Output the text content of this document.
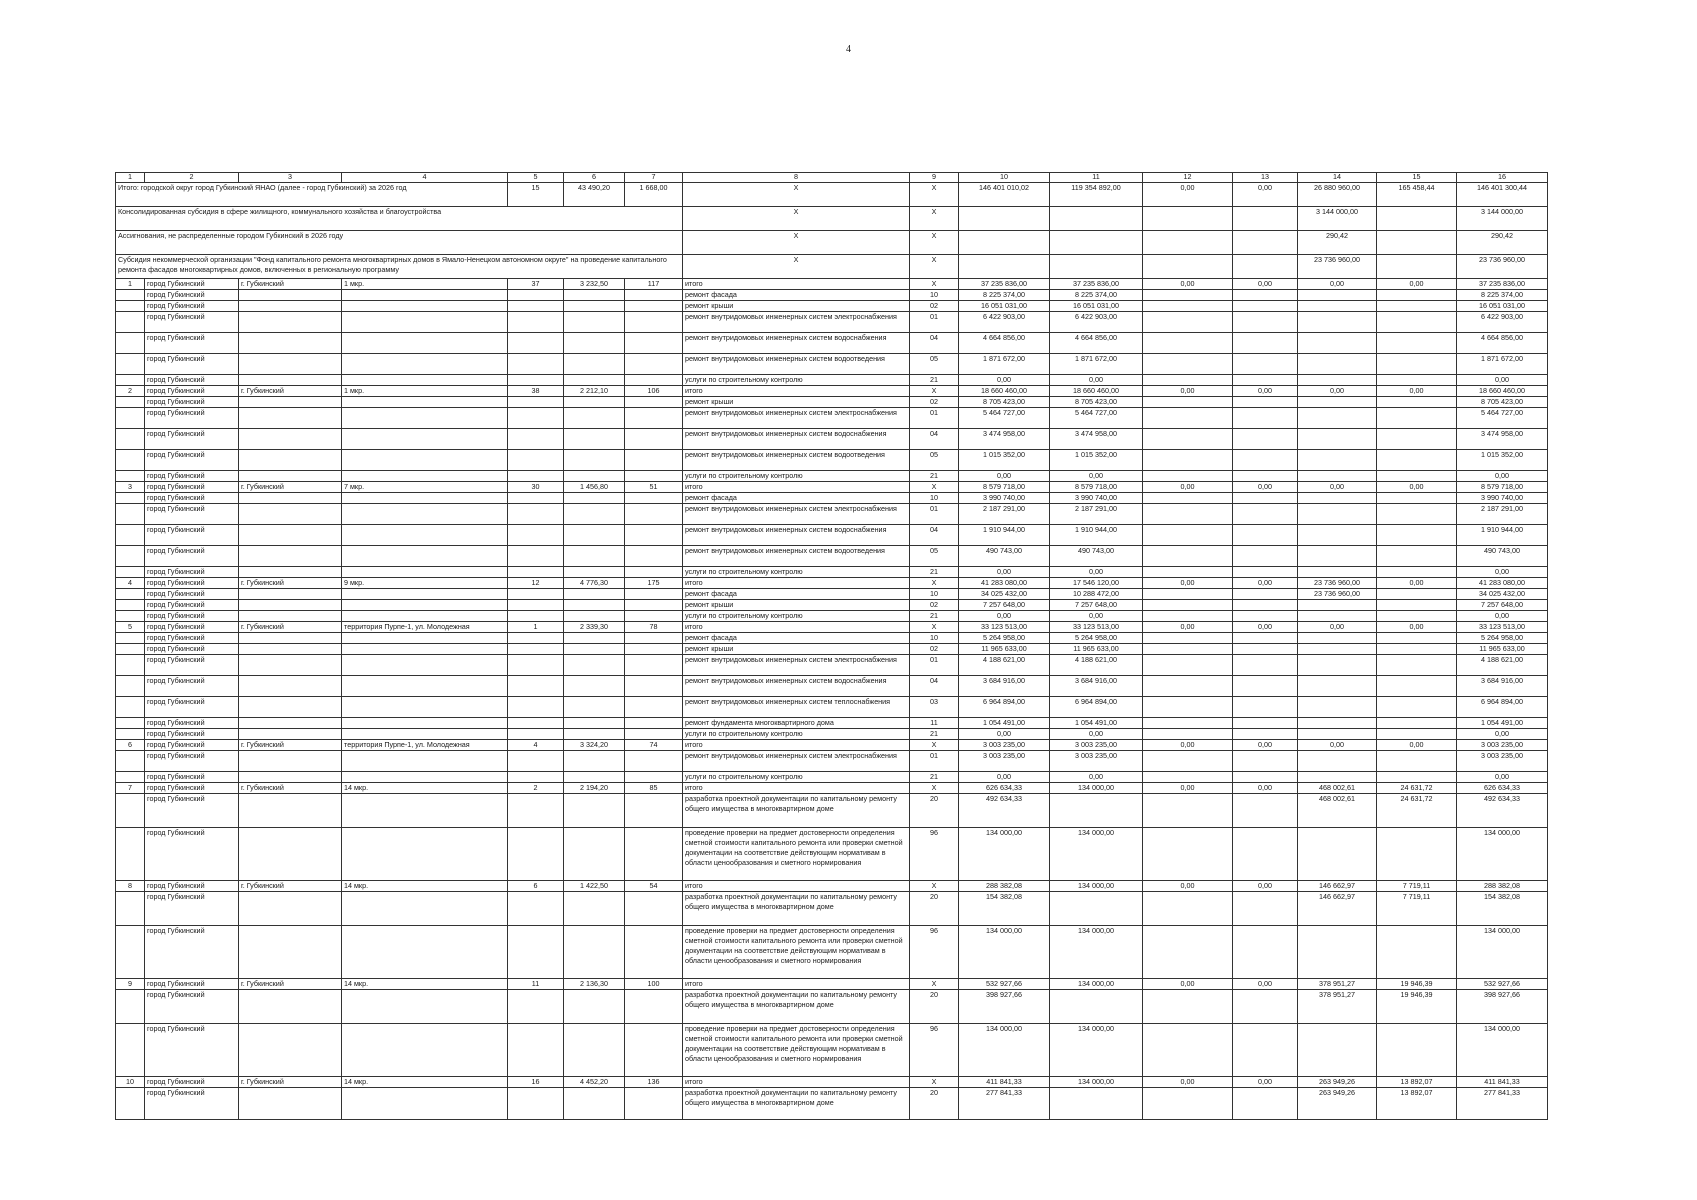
4
1	2	3	4	5	6	7	8	9	10	11	12	13	14	15	16
Итого: городской округ город Губкинский ЯНАО (далее - город Губкинский) за 2026 год				15	43 490,20	1 668,00	X	X	146 401 010,02	119 354 892,00	0,00	0,00	26 880 960,00	165 458,44	146 401 300,44
Консолидированная субсидия в сфере жилищного, коммунального хозяйства и благоустройства							X	X					3 144 000,00		3 144 000,00
Ассигнования, не распределенные городом Губкинский в 2026 году							X	X					290,42		290,42
Субсидия некоммерческой организации "Фонд капитального ремонта многоквартирных домов в Ямало-Ненецком автономном округе" на проведение капитального ремонта фасадов многоквартирных домов, включенных в региональную программу							X	X					23 736 960,00		23 736 960,00
1	город Губкинский	г. Губкинский	1 мкр.	37	3 232,50	117	итого	X	37 235 836,00	37 235 836,00	0,00	0,00	0,00	0,00	37 235 836,00
	город Губкинский						ремонт фасада	10	8 225 374,00	8 225 374,00					8 225 374,00
	город Губкинский						ремонт крыши	02	16 051 031,00	16 051 031,00					16 051 031,00
	город Губкинский						ремонт внутридомовых инженерных систем электроснабжения	01	6 422 903,00	6 422 903,00					6 422 903,00
	город Губкинский						ремонт внутридомовых инженерных систем водоснабжения	04	4 664 856,00	4 664 856,00					4 664 856,00
	город Губкинский						ремонт внутридомовых инженерных систем водоотведения	05	1 871 672,00	1 871 672,00					1 871 672,00
	город Губкинский						услуги по строительному контролю	21	0,00	0,00					0,00
2	город Губкинский	г. Губкинский	1 мкр.	38	2 212,10	106	итого	X	18 660 460,00	18 660 460,00	0,00	0,00	0,00	0,00	18 660 460,00
	город Губкинский						ремонт крыши	02	8 705 423,00	8 705 423,00					8 705 423,00
	город Губкинский						ремонт внутридомовых инженерных систем электроснабжения	01	5 464 727,00	5 464 727,00					5 464 727,00
	город Губкинский						ремонт внутридомовых инженерных систем водоснабжения	04	3 474 958,00	3 474 958,00					3 474 958,00
	город Губкинский						ремонт внутридомовых инженерных систем водоотведения	05	1 015 352,00	1 015 352,00					1 015 352,00
	город Губкинский						услуги по строительному контролю	21	0,00	0,00					0,00
3	город Губкинский	г. Губкинский	7 мкр.	30	1 456,80	51	итого	X	8 579 718,00	8 579 718,00	0,00	0,00	0,00	0,00	8 579 718,00
	город Губкинский						ремонт фасада	10	3 990 740,00	3 990 740,00					3 990 740,00
	город Губкинский						ремонт внутридомовых инженерных систем электроснабжения	01	2 187 291,00	2 187 291,00					2 187 291,00
	город Губкинский						ремонт внутридомовых инженерных систем водоснабжения	04	1 910 944,00	1 910 944,00					1 910 944,00
	город Губкинский						ремонт внутридомовых инженерных систем водоотведения	05	490 743,00	490 743,00					490 743,00
	город Губкинский						услуги по строительному контролю	21	0,00	0,00					0,00
4	город Губкинский	г. Губкинский	9 мкр.	12	4 776,30	175	итого	X	41 283 080,00	17 546 120,00	0,00	0,00	23 736 960,00	0,00	41 283 080,00
	город Губкинский						ремонт фасада	10	34 025 432,00	10 288 472,00			23 736 960,00		34 025 432,00
	город Губкинский						ремонт крыши	02	7 257 648,00	7 257 648,00					7 257 648,00
	город Губкинский						услуги по строительному контролю	21	0,00	0,00					0,00
5	город Губкинский	г. Губкинский	территория Пурпе-1, ул. Молодежная	1	2 339,30	78	итого	X	33 123 513,00	33 123 513,00	0,00	0,00	0,00	0,00	33 123 513,00
	город Губкинский						ремонт фасада	10	5 264 958,00	5 264 958,00					5 264 958,00
	город Губкинский						ремонт крыши	02	11 965 633,00	11 965 633,00					11 965 633,00
	город Губкинский						ремонт внутридомовых инженерных систем электроснабжения	01	4 188 621,00	4 188 621,00					4 188 621,00
	город Губкинский						ремонт внутридомовых инженерных систем водоснабжения	04	3 684 916,00	3 684 916,00					3 684 916,00
	город Губкинский						ремонт внутридомовых инженерных систем теплоснабжения	03	6 964 894,00	6 964 894,00					6 964 894,00
	город Губкинский						ремонт фундамента многоквартирного дома	11	1 054 491,00	1 054 491,00					1 054 491,00
	город Губкинский						услуги по строительному контролю	21	0,00	0,00					0,00
6	город Губкинский	г. Губкинский	территория Пурпе-1, ул. Молодежная	4	3 324,20	74	итого	X	3 003 235,00	3 003 235,00	0,00	0,00	0,00	0,00	3 003 235,00
	город Губкинский						ремонт внутридомовых инженерных систем электроснабжения	01	3 003 235,00	3 003 235,00					3 003 235,00
	город Губкинский						услуги по строительному контролю	21	0,00	0,00					0,00
7	город Губкинский	г. Губкинский	14 мкр.	2	2 194,20	85	итого	X	626 634,33	134 000,00	0,00	0,00	468 002,61	24 631,72	626 634,33
	город Губкинский						разработка проектной документации по капитальному ремонту общего имущества в многоквартирном доме	20	492 634,33				468 002,61	24 631,72	492 634,33
	город Губкинский						проведение проверки на предмет достоверности определения сметной стоимости капитального ремонта или проверки сметной документации на соответствие действующим нормативам в области ценообразования и сметного нормирования	96	134 000,00	134 000,00					134 000,00
8	город Губкинский	г. Губкинский	14 мкр.	6	1 422,50	54	итого	X	288 382,08	134 000,00	0,00	0,00	146 662,97	7 719,11	288 382,08
	город Губкинский						разработка проектной документации по капитальному ремонту общего имущества в многоквартирном доме	20	154 382,08				146 662,97	7 719,11	154 382,08
	город Губкинский						проведение проверки на предмет достоверности определения сметной стоимости капитального ремонта или проверки сметной документации на соответствие действующим нормативам в области ценообразования и сметного нормирования	96	134 000,00	134 000,00					134 000,00
9	город Губкинский	г. Губкинский	14 мкр.	11	2 136,30	100	итого	X	532 927,66	134 000,00	0,00	0,00	378 951,27	19 946,39	532 927,66
	город Губкинский						разработка проектной документации по капитальному ремонту общего имущества в многоквартирном доме	20	398 927,66				378 951,27	19 946,39	398 927,66
	город Губкинский						проведение проверки на предмет достоверности определения сметной стоимости капитального ремонта или проверки сметной документации на соответствие действующим нормативам в области ценообразования и сметного нормирования	96	134 000,00	134 000,00					134 000,00
10	город Губкинский	г. Губкинский	14 мкр.	16	4 452,20	136	итого	X	411 841,33	134 000,00	0,00	0,00	263 949,26	13 892,07	411 841,33
	город Губкинский						разработка проектной документации по капитальному ремонту общего имущества в многоквартирном доме	20	277 841,33				263 949,26	13 892,07	277 841,33
